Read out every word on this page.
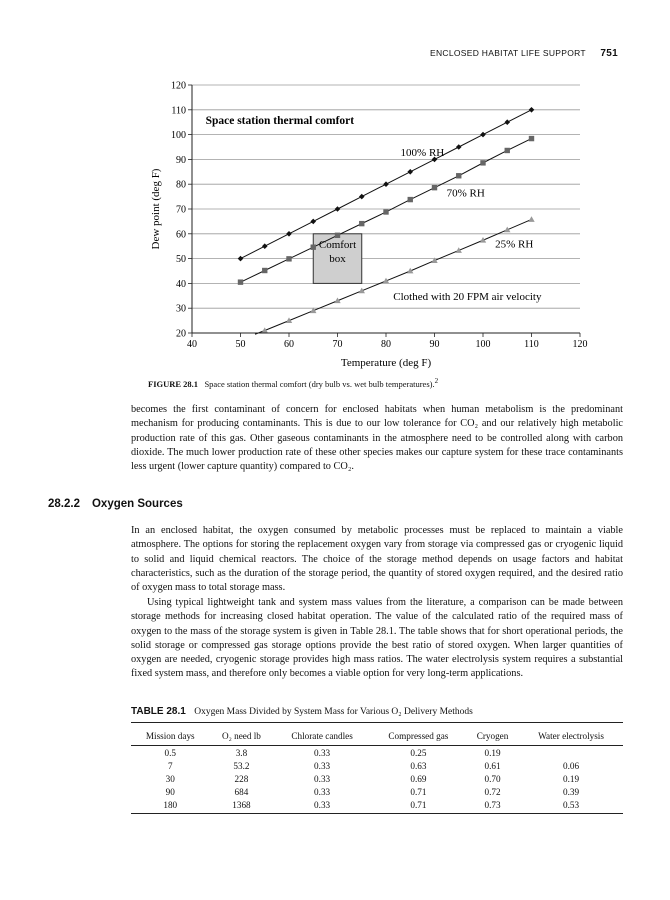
ENCLOSED HABITAT LIFE SUPPORT 751
Comfort
box
20
30
40
50
60
70
80
90
100
110
120
40	50	60	70	80	90	100	110	120
100% RH
70% RH
25% RH
Space station thermal comfort
Clothed with 20 FPM air velocity
Temperature (deg F)
Dew point (deg F)
FIGURE 28.1 Space station thermal comfort (dry bulb vs. wet bulb temperatures).$^2$

becomes the first contaminant of concern for enclosed habitats when human metabolism is the predominant mechanism for producing contaminants. This is due to our low tolerance for CO₂ and our relatively high metabolic production rate of this gas. Other gaseous contaminants in the atmosphere need to be controlled along with carbon dioxide. The much lower production rate of these other species makes our capture system for these trace contaminants less urgent (lower capture quantity) compared to CO₂.

28.2.2 Oxygen Sources

In an enclosed habitat, the oxygen consumed by metabolic processes must be replaced to maintain a viable atmosphere. The options for storing the replacement oxygen vary from storage via compressed gas or cryogenic liquid to solid and liquid chemical reactors. The choice of the storage method depends on usage factors and habitat characteristics, such as the duration of the storage period, the quantity of stored oxygen required, and the desired ratio of oxygen mass to total storage mass.

Using typical lightweight tank and system mass values from the literature, a comparison can be made between storage methods for increasing closed habitat operation. The value of the calculated ratio of the required mass of oxygen to the mass of the storage system is given in Table 28.1. The table shows that for short operational periods, the solid storage or compressed gas storage options provide the best ratio of stored oxygen. When larger quantities of oxygen are needed, cryogenic storage provides high mass ratios. The water electrolysis system requires a substantial fixed system mass, and therefore only becomes a viable option for very long-term applications.

TABLE 28.1 Oxygen Mass Divided by System Mass for Various O₂ Delivery Methods
Mission days	O₂ need lb	Chlorate candles	Compressed gas	Cryogen	Water electrolysis
0.5	3.8	0.33	0.25	0.19	
7	53.2	0.33	0.63	0.61	0.06
30	228	0.33	0.69	0.70	0.19
90	684	0.33	0.71	0.72	0.39
180	1368	0.33	0.71	0.73	0.53
